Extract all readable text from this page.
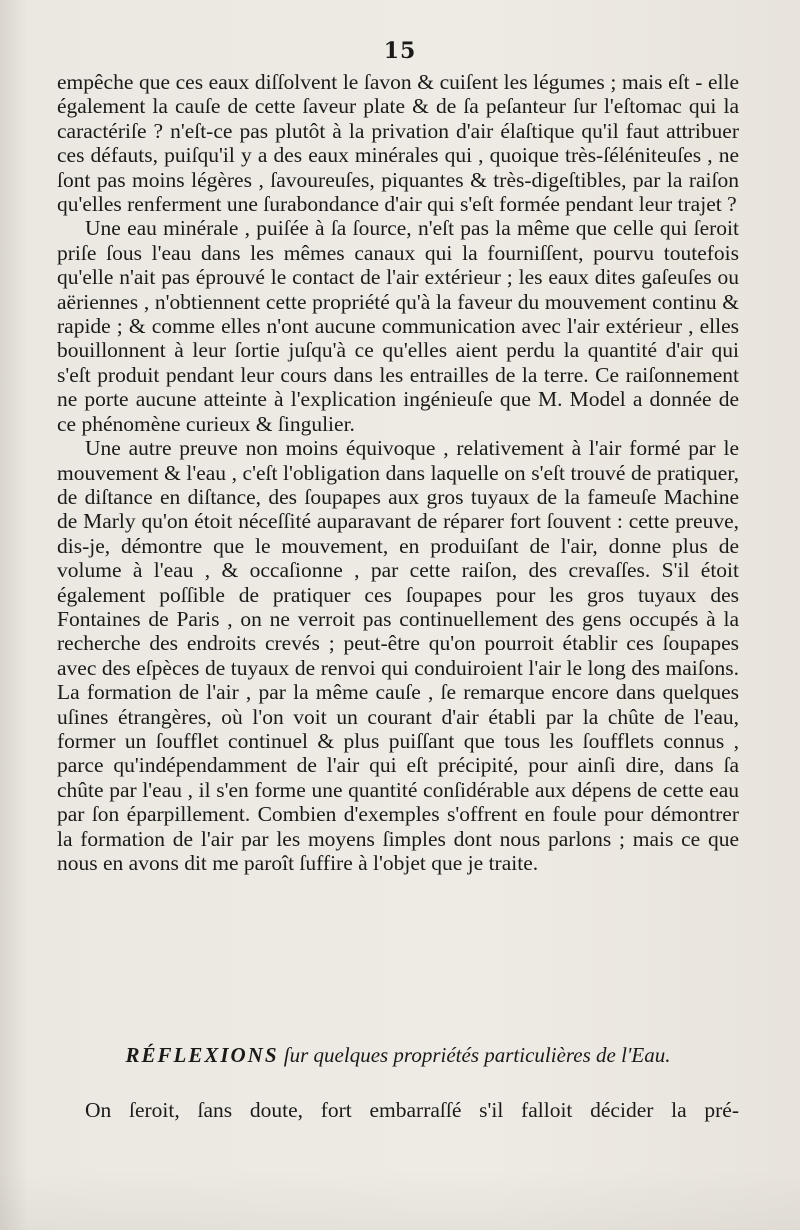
15

empêche que ces eaux diſſolvent le ſavon & cuiſent les légumes ; mais eſt - elle également la cauſe de cette ſaveur plate & de ſa peſanteur ſur l'eſtomac qui la caractériſe ? n'eſt-ce pas plutôt à la privation d'air élaſtique qu'il faut attribuer ces défauts, puiſqu'il y a des eaux minérales qui , quoique très-ſéléniteuſes , ne ſont pas moins légères , ſavoureuſes, piquantes & très-digeſtibles, par la raiſon qu'elles renferment une ſurabondance d'air qui s'eſt formée pendant leur trajet ?

Une eau minérale , puiſée à ſa ſource, n'eſt pas la même que celle qui ſeroit priſe ſous l'eau dans les mêmes canaux qui la fourniſſent, pourvu toutefois qu'elle n'ait pas éprouvé le contact de l'air extérieur ; les eaux dites gaſeuſes ou aëriennes , n'obtiennent cette propriété qu'à la faveur du mouvement continu & rapide ; & comme elles n'ont aucune communication avec l'air extérieur , elles bouillonnent à leur ſortie juſqu'à ce qu'elles aient perdu la quantité d'air qui s'eſt produit pendant leur cours dans les entrailles de la terre. Ce raiſonnement ne porte aucune atteinte à l'explication ingénieuſe que M. Model a donnée de ce phénomène curieux & ſingulier.

Une autre preuve non moins équivoque , relativement à l'air formé par le mouvement & l'eau , c'eſt l'obligation dans laquelle on s'eſt trouvé de pratiquer, de diſtance en diſtance, des ſoupapes aux gros tuyaux de la fameuſe Machine de Marly qu'on étoit néceſſité auparavant de réparer fort ſouvent : cette preuve, dis-je, démontre que le mouvement, en produiſant de l'air, donne plus de volume à l'eau , & occaſionne , par cette raiſon, des crevaſſes. S'il étoit également poſſible de pratiquer ces ſoupapes pour les gros tuyaux des Fontaines de Paris , on ne verroit pas continuellement des gens occupés à la recherche des endroits crevés ; peut-être qu'on pourroit établir ces ſoupapes avec des eſpèces de tuyaux de renvoi qui conduiroient l'air le long des maiſons. La formation de l'air , par la même cauſe , ſe remarque encore dans quelques uſines étrangères, où l'on voit un courant d'air établi par la chûte de l'eau, former un ſoufflet continuel & plus puiſſant que tous les ſoufflets connus , parce qu'indépendamment de l'air qui eſt précipité, pour ainſi dire, dans ſa chûte par l'eau , il s'en forme une quantité conſidérable aux dépens de cette eau par ſon éparpillement. Combien d'exemples s'offrent en foule pour démontrer la formation de l'air par les moyens ſimples dont nous parlons ; mais ce que nous en avons dit me paroît ſuffire à l'objet que je traite.

RÉFLEXIONS ſur quelques propriétés particulières de l'Eau.
On ſeroit, ſans doute, fort embarraſſé s'il falloit décider la pré-
